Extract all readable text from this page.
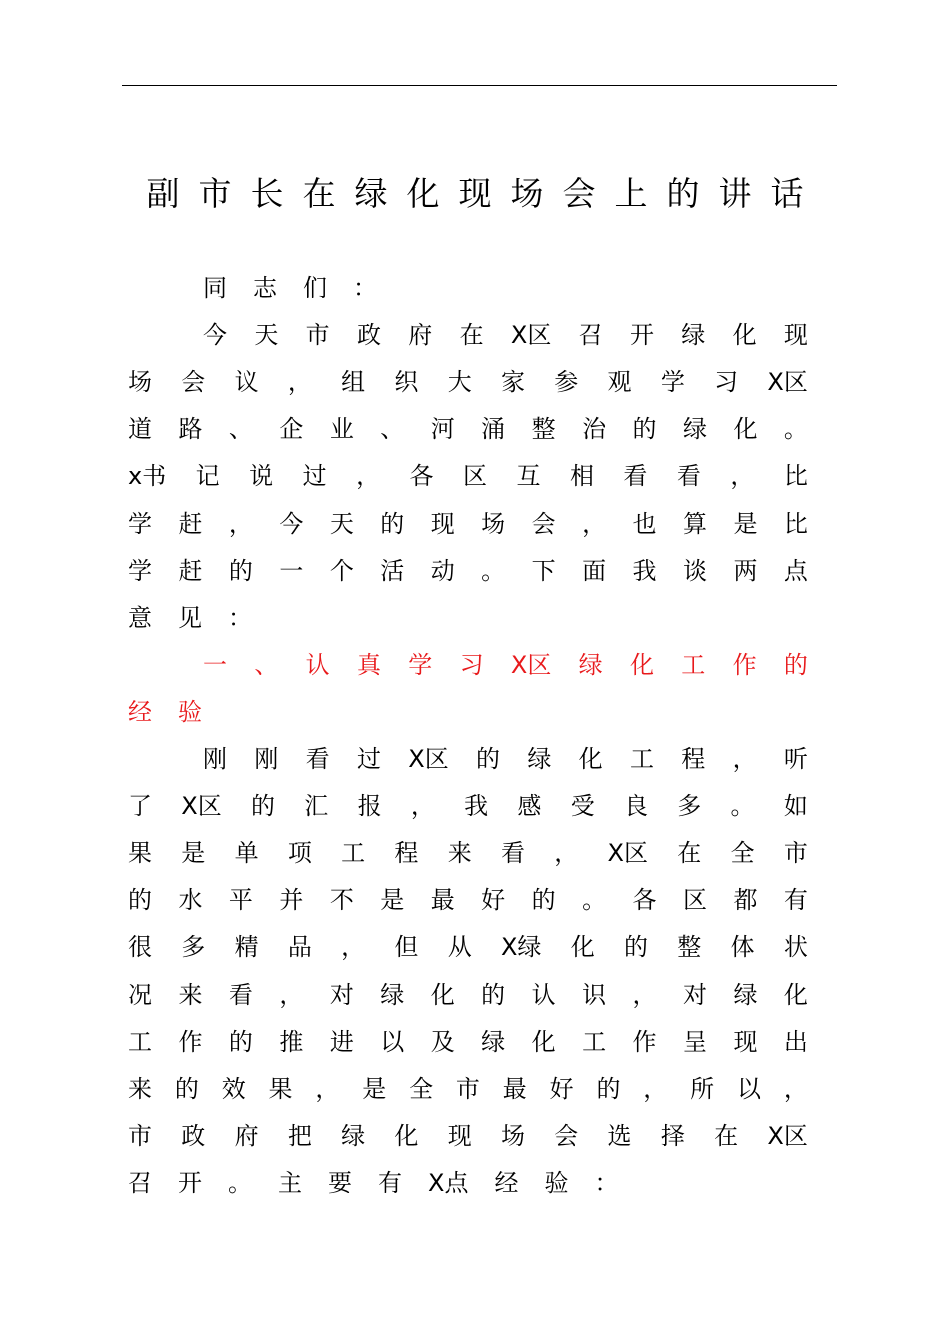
副市长在绿化现场会上的讲话
同 志 们 ：
今 天 市 政 府 在 X区 召 开 绿 化 现
场 会 议 ， 组 织 大 家 参 观 学 习 X区
道 路 、 企 业 、 河 涌 整 治 的 绿 化 。
x书 记 说 过 ， 各 区 互 相 看 看 ， 比
学 赶 ， 今 天 的 现 场 会 ， 也 算 是 比
学 赶 的 一 个 活 动 。 下 面 我 谈 两 点
意 见 ：
一 、 认 真 学 习 X区 绿 化 工 作 的
经 验
刚 刚 看 过 X区 的 绿 化 工 程 ， 听
了 X区 的 汇 报 ， 我 感 受 良 多 。 如
果 是 单 项 工 程 来 看 ， X区 在 全 市
的 水 平 并 不 是 最 好 的 。 各 区 都 有
很 多 精 品 ， 但 从 X绿 化 的 整 体 状
况 来 看 ， 对 绿 化 的 认 识 ， 对 绿 化
工 作 的 推 进 以 及 绿 化 工 作 呈 现 出
来 的 效 果 ， 是 全 市 最 好 的 ， 所 以 ，
市 政 府 把 绿 化 现 场 会 选 择 在 X区
召 开 。 主 要 有 X点 经 验 ：
